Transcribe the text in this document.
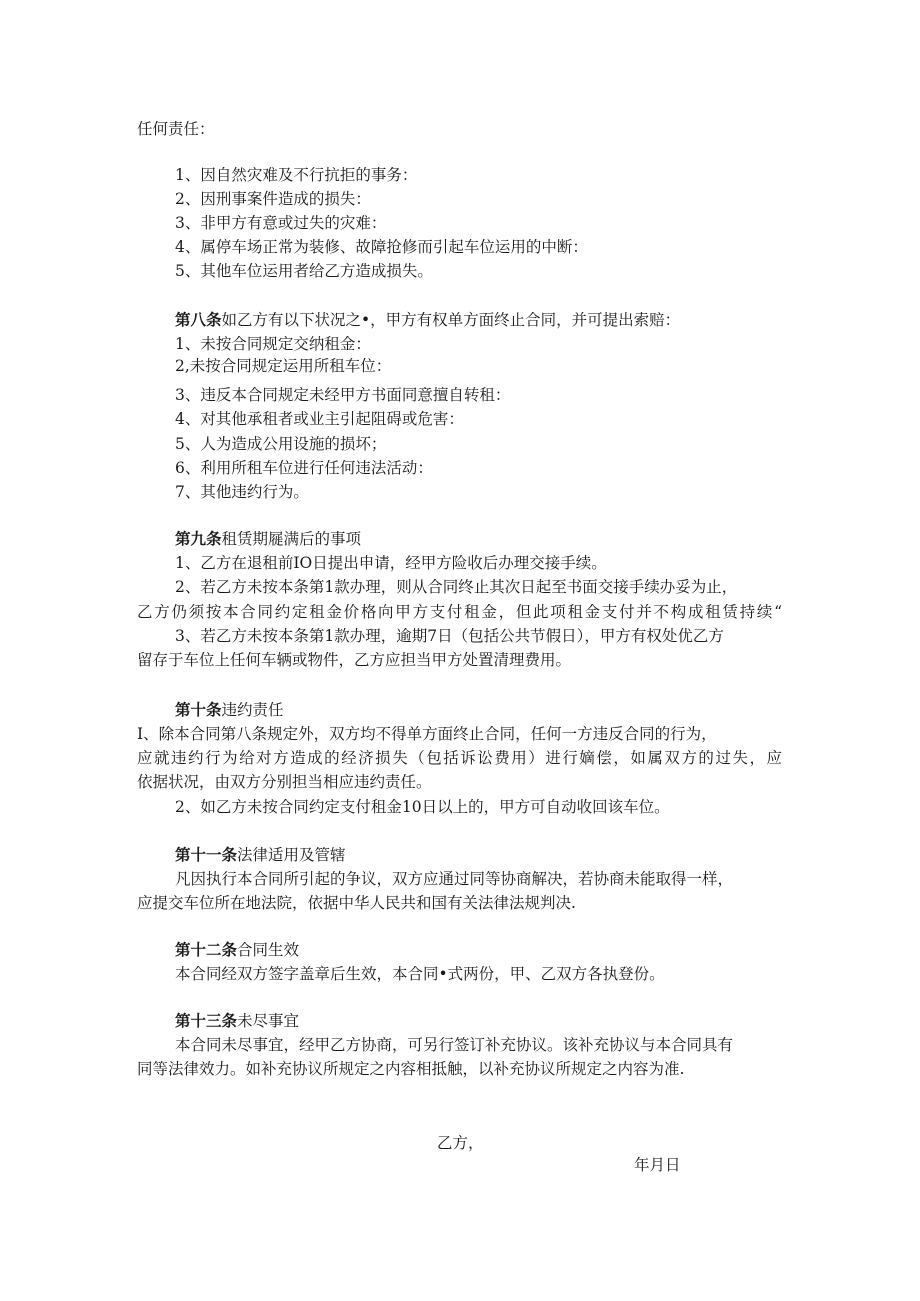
任何责任：
1、因自然灾难及不行抗拒的事务：
2、因刑事案件造成的损失：
3、非甲方有意或过失的灾难：
4、属停车场正常为装修、故障抢修而引起车位运用的中断：
5、其他车位运用者给乙方造成损失。
第八条如乙方有以下状况之•，甲方有权单方面终止合同，并可提出索赔：
1、未按合同规定交纳租金：
2,未按合同规定运用所租车位：
3、违反本合同规定未经甲方书面同意擅自转租：
4、对其他承租者或业主引起阻碍或危害：
5、人为造成公用设施的损坏；
6、利用所租车位进行任何违法活动：
7、其他违约行为。
第九条租赁期屣满后的事项
1、乙方在退租前IO日提出申请，经甲方险收后办理交接手续。
2、若乙方未按本条第1款办理，则从合同终止其次日起至书面交接手续办妥为止，
乙方仍须按本合同约定租金价格向甲方支付租金，但此项租金支付并不构成租赁持续“
3、若乙方未按本条第1款办理，逾期7日（包括公共节假日），甲方有权处优乙方
留存于车位上任何车辆或物件，乙方应担当甲方处置清理费用。
第十条违约责任
I、除本合同第八条规定外，双方均不得单方面终止合同，任何一方违反合同的行为，
应就违约行为给对方造成的经济损失（包括诉讼费用）进行嫡偿，如属双方的过失，应
依据状况，由双方分别担当相应违约责任。
2、如乙方未按合同约定支付租金10日以上的，甲方可自动收回该车位。
第十一条法律适用及管辖
凡因执行本合同所引起的争议，双方应通过同等协商解决，若协商未能取得一样，
应提交车位所在地法院，依据中华人民共和国有关法律法规判决.
第十二条合同生效
本合同经双方签字盖章后生效，本合同•式两份，甲、乙双方各执登份。
第十三条未尽事宜
本合同未尽事宜，经甲乙方协商，可另行签订补充协议。该补充协议与本合同具有
同等法律效力。如补充协议所规定之内容相抵触，以补充协议所规定之内容为准.
乙方，
年月日
